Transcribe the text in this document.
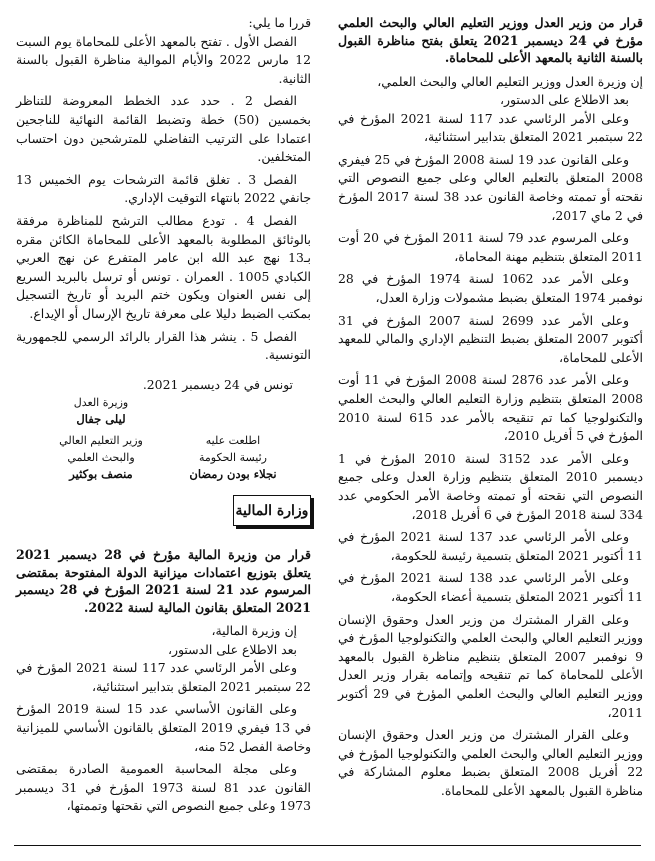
قرار من وزير العدل ووزير التعليم العالي والبحث العلمي مؤرخ في 24 ديسمبر 2021 يتعلق بفتح مناظرة القبول بالسنة الثانية بالمعهد الأعلى للمحاماة.

إن وزيرة العدل ووزير التعليم العالي والبحث العلمي،

بعد الاطلاع على الدستور،

وعلى الأمر الرئاسي عدد 117 لسنة 2021 المؤرخ في 22 سبتمبر 2021 المتعلق بتدابير استثنائية،

وعلى القانون عدد 19 لسنة 2008 المؤرخ في 25 فيفري 2008 المتعلق بالتعليم العالي وعلى جميع النصوص التي نقحته أو تممته وخاصة القانون عدد 38 لسنة 2017 المؤرخ في 2 ماي 2017،

وعلى المرسوم عدد 79 لسنة 2011 المؤرخ في 20 أوت 2011 المتعلق بتنظيم مهنة المحاماة،

وعلى الأمر عدد 1062 لسنة 1974 المؤرخ في 28 نوفمبر 1974 المتعلق بضبط مشمولات وزارة العدل،

وعلى الأمر عدد 2699 لسنة 2007 المؤرخ في 31 أكتوبر 2007 المتعلق بضبط التنظيم الإداري والمالي للمعهد الأعلى للمحاماة،

وعلى الأمر عدد 2876 لسنة 2008 المؤرخ في 11 أوت 2008 المتعلق بتنظيم وزارة التعليم العالي والبحث العلمي والتكنولوجيا كما تم تنقيحه بالأمر عدد 615 لسنة 2010 المؤرخ في 5 أفريل 2010،

وعلى الأمر عدد 3152 لسنة 2010 المؤرخ في 1 ديسمبر 2010 المتعلق بتنظيم وزارة العدل وعلى جميع النصوص التي نقحته أو تممته وخاصة الأمر الحكومي عدد 334 لسنة 2018 المؤرخ في 6 أفريل 2018،

وعلى الأمر الرئاسي عدد 137 لسنة 2021 المؤرخ في 11 أكتوبر 2021 المتعلق بتسمية رئيسة للحكومة،

وعلى الأمر الرئاسي عدد 138 لسنة 2021 المؤرخ في 11 أكتوبر 2021 المتعلق بتسمية أعضاء الحكومة،

وعلى القرار المشترك من وزير العدل وحقوق الإنسان ووزير التعليم العالي والبحث العلمي والتكنولوجيا المؤرخ في 9 نوفمبر 2007 المتعلق بتنظيم مناظرة القبول بالمعهد الأعلى للمحاماة كما تم تنقيحه وإتمامه بقرار وزير العدل ووزير التعليم العالي والبحث العلمي المؤرخ في 29 أكتوبر 2011،

وعلى القرار المشترك من وزير العدل وحقوق الإنسان ووزير التعليم العالي والبحث العلمي والتكنولوجيا المؤرخ في 22 أفريل 2008 المتعلق بضبط معلوم المشاركة في مناظرة القبول بالمعهد الأعلى للمحاماة.

قررا ما يلي:

الفصل الأول . تفتح بالمعهد الأعلى للمحاماة يوم السبت 12 مارس 2022 والأيام الموالية مناظرة القبول بالسنة الثانية.

الفصل 2 . حدد عدد الخطط المعروضة للتناظر بخمسين (50) خطة وتضبط القائمة النهائية للناجحين اعتمادا على الترتيب التفاضلي للمترشحين دون احتساب المتخلفين.

الفصل 3 . تغلق قائمة الترشحات يوم الخميس 13 جانفي 2022 بانتهاء التوقيت الإداري.

الفصل 4 . تودع مطالب الترشح للمناظرة مرفقة بالوثائق المطلوبة بالمعهد الأعلى للمحاماة الكائن مقره بـ13 نهج عبد الله ابن عامر المتفرع عن نهج العربي الكبادي 1005 . العمران . تونس أو ترسل بالبريد السريع إلى نفس العنوان ويكون ختم البريد أو تاريخ التسجيل بمكتب الضبط دليلا على معرفة تاريخ الإرسال أو الإيداع.

الفصل 5 . ينشر هذا القرار بالرائد الرسمي للجمهورية التونسية.

تونس في 24 ديسمبر 2021.
وزيرة العدل
ليلى جفال
وزير التعليم العالي والبحث العلمي
منصف بوكثير
اطلعت عليه
رئيسة الحكومة
نجلاء بودن رمضان
وزارة المالية

قرار من وزيرة المالية مؤرخ في 28 ديسمبر 2021 يتعلق بتوزيع اعتمادات ميزانية الدولة المفتوحة بمقتضى المرسوم عدد 21 لسنة 2021 المؤرخ في 28 ديسمبر 2021 المتعلق بقانون المالية لسنة 2022.

إن وزيرة المالية،

بعد الاطلاع على الدستور،

وعلى الأمر الرئاسي عدد 117 لسنة 2021 المؤرخ في 22 سبتمبر 2021 المتعلق بتدابير استثنائية،

وعلى القانون الأساسي عدد 15 لسنة 2019 المؤرخ في 13 فيفري 2019 المتعلق بالقانون الأساسي للميزانية وخاصة الفصل 52 منه،

وعلى مجلة المحاسبة العمومية الصادرة بمقتضى القانون عدد 81 لسنة 1973 المؤرخ في 31 ديسمبر 1973 وعلى جميع النصوص التي نقحتها وتممتها،
